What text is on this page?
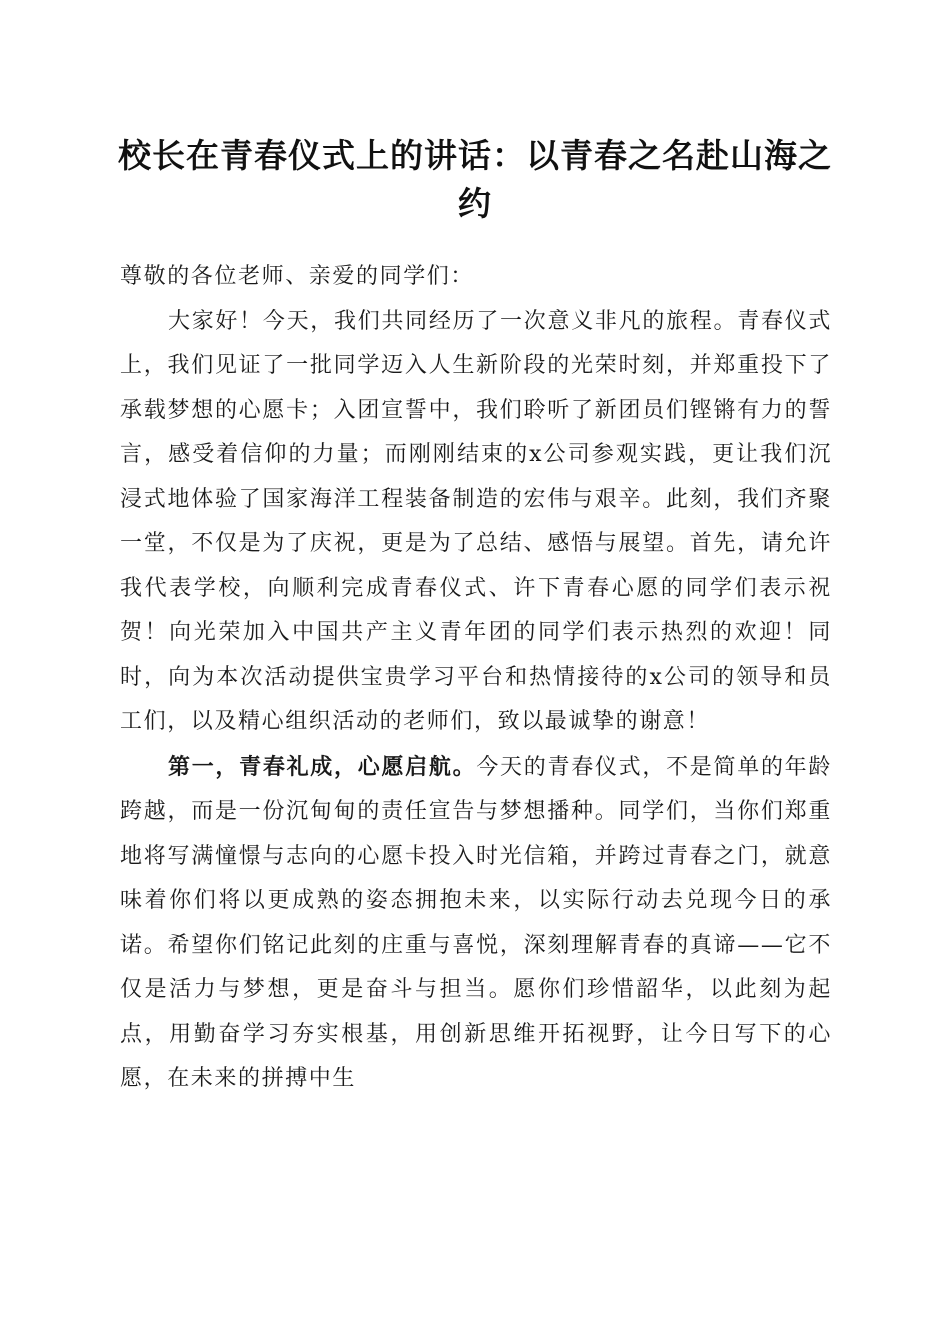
校长在青春仪式上的讲话：以青春之名赴山海之约

尊敬的各位老师、亲爱的同学们：

大家好！今天，我们共同经历了一次意义非凡的旅程。青春仪式上，我们见证了一批同学迈入人生新阶段的光荣时刻，并郑重投下了承载梦想的心愿卡；入团宣誓中，我们聆听了新团员们铿锵有力的誓言，感受着信仰的力量；而刚刚结束的x公司参观实践，更让我们沉浸式地体验了国家海洋工程装备制造的宏伟与艰辛。此刻，我们齐聚一堂，不仅是为了庆祝，更是为了总结、感悟与展望。首先，请允许我代表学校，向顺利完成青春仪式、许下青春心愿的同学们表示祝贺！向光荣加入中国共产主义青年团的同学们表示热烈的欢迎！同时，向为本次活动提供宝贵学习平台和热情接待的x公司的领导和员工们，以及精心组织活动的老师们，致以最诚挚的谢意！

第一，青春礼成，心愿启航。今天的青春仪式，不是简单的年龄跨越，而是一份沉甸甸的责任宣告与梦想播种。同学们，当你们郑重地将写满憧憬与志向的心愿卡投入时光信箱，并跨过青春之门，就意味着你们将以更成熟的姿态拥抱未来，以实际行动去兑现今日的承诺。希望你们铭记此刻的庄重与喜悦，深刻理解青春的真谛——它不仅是活力与梦想，更是奋斗与担当。愿你们珍惜韶华，以此刻为起点，用勤奋学习夯实根基，用创新思维开拓视野，让今日写下的心愿，在未来的拼搏中生
